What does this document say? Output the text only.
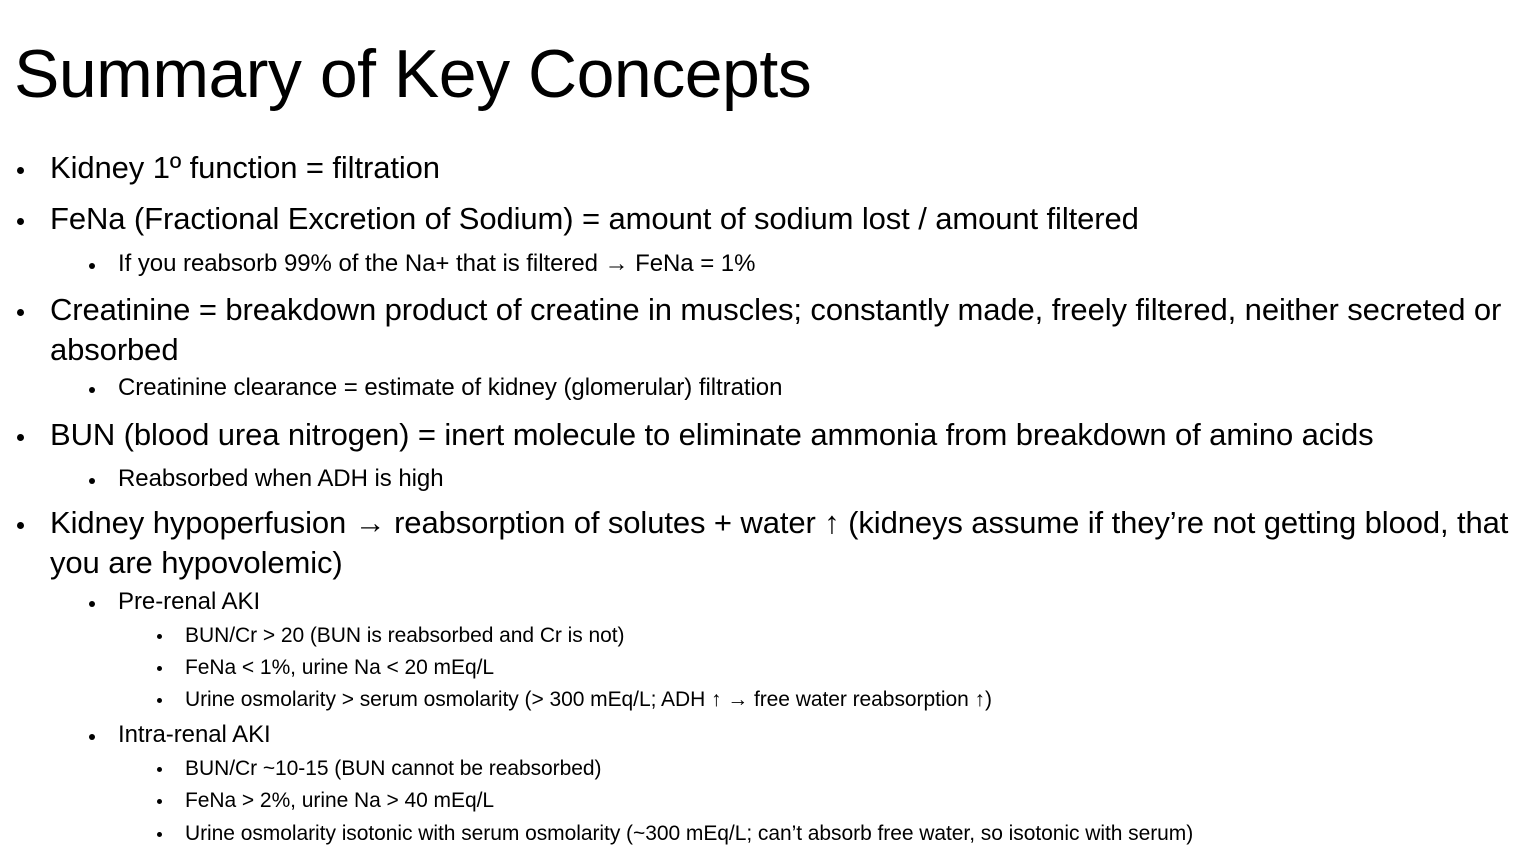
Summary of Key Concepts
Kidney 1º function = filtration
FeNa (Fractional Excretion of Sodium) = amount of sodium lost / amount filtered
If you reabsorb 99% of the Na+ that is filtered → FeNa = 1%
Creatinine = breakdown product of creatine in muscles; constantly made, freely filtered, neither secreted or absorbed
Creatinine clearance = estimate of kidney (glomerular) filtration
BUN (blood urea nitrogen) = inert molecule to eliminate ammonia from breakdown of amino acids
Reabsorbed when ADH is high
Kidney hypoperfusion → reabsorption of solutes + water ↑ (kidneys assume if they’re not getting blood, that you are hypovolemic)
Pre-renal AKI
BUN/Cr > 20 (BUN is reabsorbed and Cr is not)
FeNa < 1%, urine Na < 20 mEq/L
Urine osmolarity > serum osmolarity (> 300 mEq/L; ADH ↑ → free water reabsorption ↑)
Intra-renal AKI
BUN/Cr ~10-15 (BUN cannot be reabsorbed)
FeNa > 2%, urine Na > 40 mEq/L
Urine osmolarity isotonic with serum osmolarity (~300 mEq/L; can’t absorb free water, so isotonic with serum)
